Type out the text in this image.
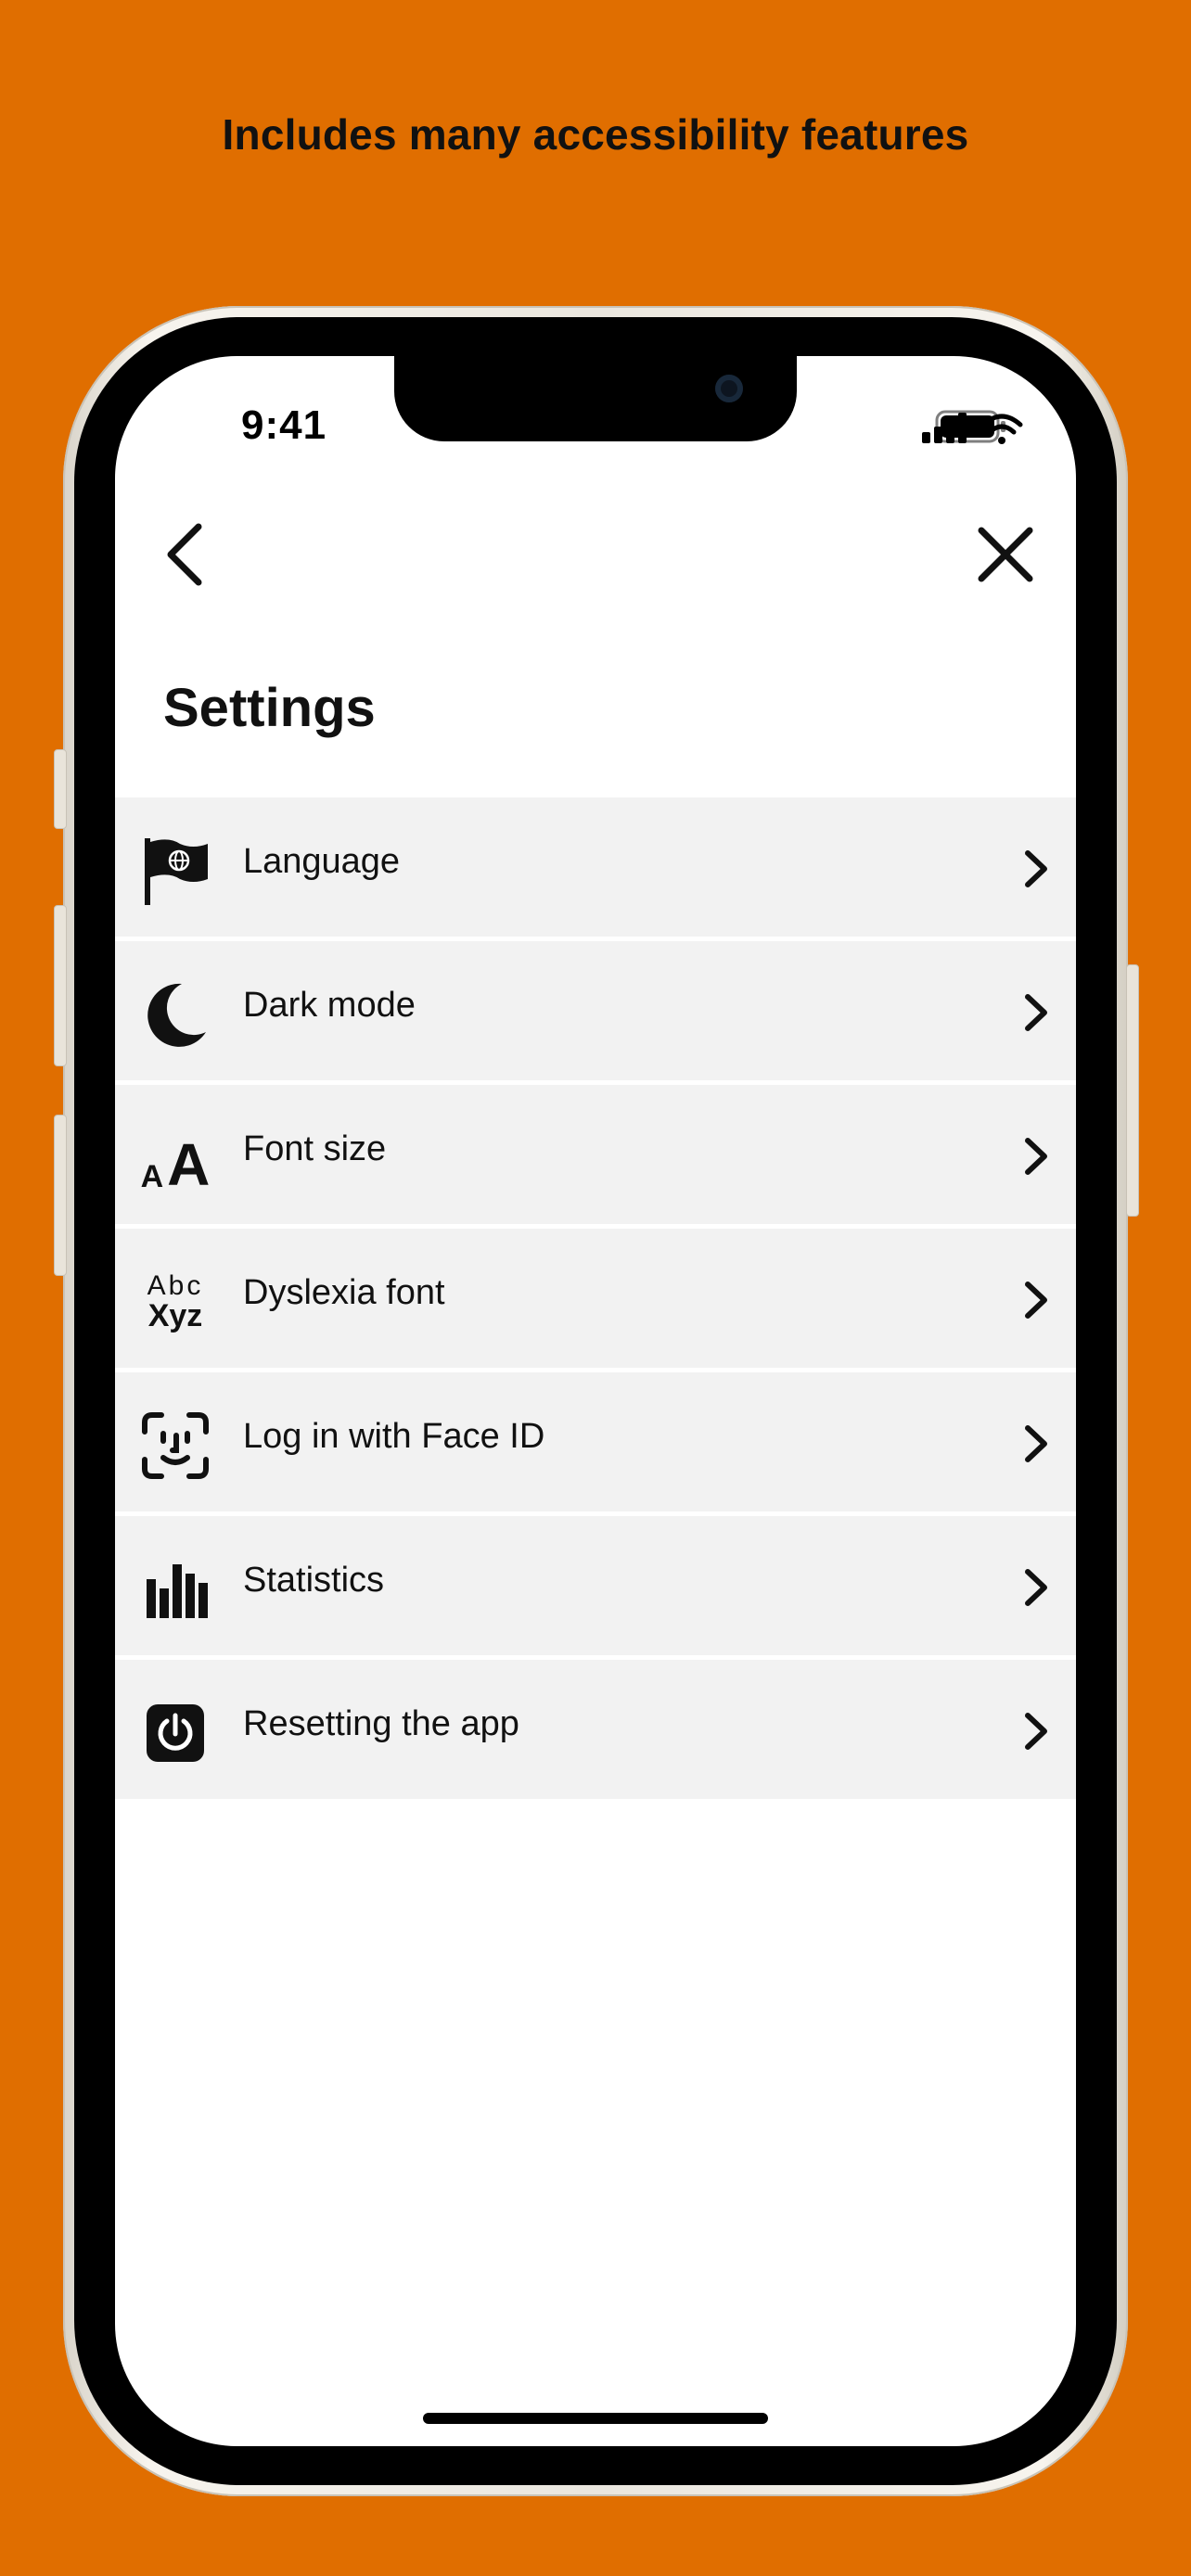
Includes many accessibility features
9:41
Settings
Language
Dark mode
A A Font size
Abc
Xyz
Dyslexia font
Log in with Face ID
Statistics
Resetting the app
